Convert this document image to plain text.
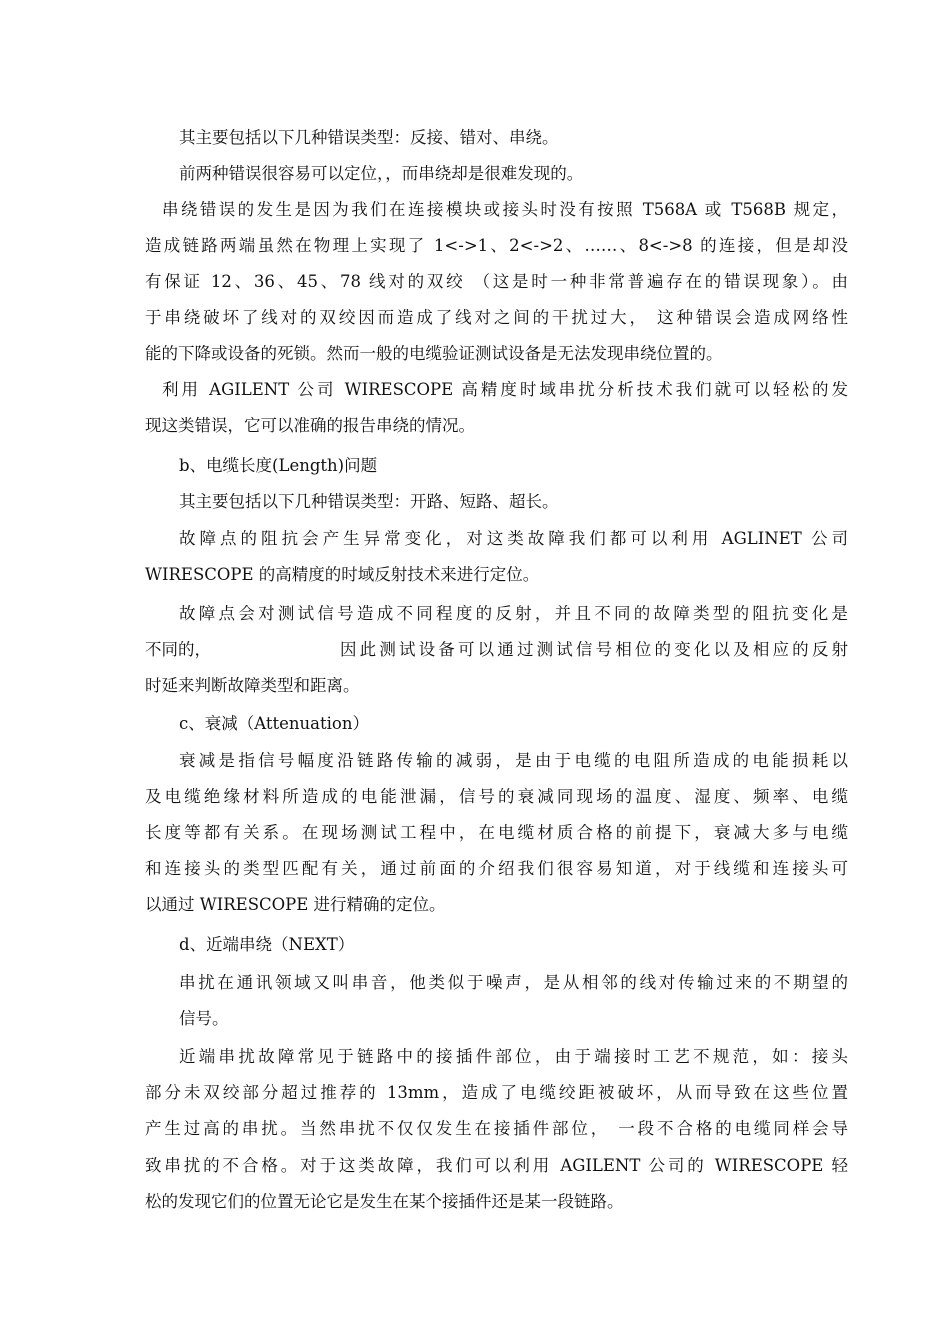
其主要包括以下几种错误类型：反接、错对、串绕。
前两种错误很容易可以定位，，而串绕却是很难发现的。
串绕错误的发生是因为我们在连接模块或接头时没有按照 T568A 或 T568B 规定，
造成链路两端虽然在物理上实现了 1<->1、2<->2、……、8<->8 的连接，但是却没
有保证 12、36、45、78 线对的双绞 （这是时一种非常普遍存在的错误现象）。由
于串绕破坏了线对的双绞因而造成了线对之间的干扰过大， 这种错误会造成网络性
能的下降或设备的死锁。然而一般的电缆验证测试设备是无法发现串绕位置的。
利用 AGILENT 公司 WIRESCOPE 高精度时域串扰分析技术我们就可以轻松的发
现这类错误，它可以准确的报告串绕的情况。
b、电缆长度(Length)问题
其主要包括以下几种错误类型：开路、短路、超长。
故障点的阻抗会产生异常变化，对这类故障我们都可以利用 AGLINET 公司
WIRESCOPE 的高精度的时域反射技术来进行定位。
故障点会对测试信号造成不同程度的反射，并且不同的故障类型的阻抗变化是
不同的，	因此测试设备可以通过测试信号相位的变化以及相应的反射
时延来判断故障类型和距离。
c、衰减（Attenuation）
衰减是指信号幅度沿链路传输的减弱，是由于电缆的电阻所造成的电能损耗以
及电缆绝缘材料所造成的电能泄漏，信号的衰减同现场的温度、湿度、频率、电缆
长度等都有关系。在现场测试工程中，在电缆材质合格的前提下，衰减大多与电缆
和连接头的类型匹配有关，通过前面的介绍我们很容易知道，对于线缆和连接头可
以通过 WIRESCOPE 进行精确的定位。
d、近端串绕（NEXT）
串扰在通讯领域又叫串音，他类似于噪声，是从相邻的线对传输过来的不期望的
信号。
近端串扰故障常见于链路中的接插件部位，由于端接时工艺不规范，如：接头
部分未双绞部分超过推荐的 13mm，造成了电缆绞距被破坏，从而导致在这些位置
产生过高的串扰。当然串扰不仅仅发生在接插件部位， 一段不合格的电缆同样会导
致串扰的不合格。对于这类故障，我们可以利用 AGILENT 公司的 WIRESCOPE 轻
松的发现它们的位置无论它是发生在某个接插件还是某一段链路。
